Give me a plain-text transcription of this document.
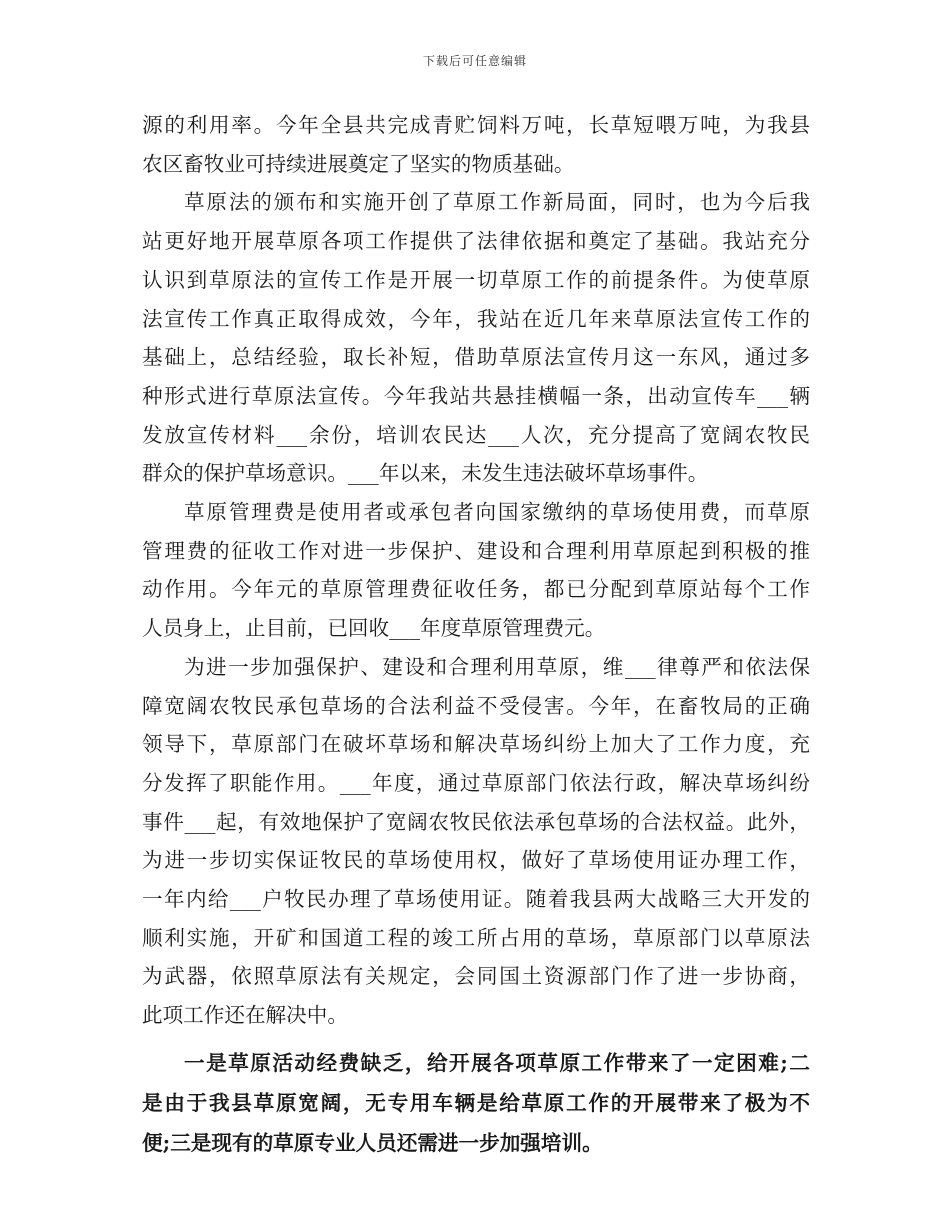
下载后可任意编辑
源的利用率。今年全县共完成青贮饲料万吨，长草短喂万吨，为我县
农区畜牧业可持续进展奠定了坚实的物质基础。
草原法的颁布和实施开创了草原工作新局面，同时，也为今后我
站更好地开展草原各项工作提供了法律依据和奠定了基础。我站充分
认识到草原法的宣传工作是开展一切草原工作的前提条件。为使草原
法宣传工作真正取得成效，今年，我站在近几年来草原法宣传工作的
基础上，总结经验，取长补短，借助草原法宣传月这一东风，通过多
种形式进行草原法宣传。今年我站共悬挂横幅一条，出动宣传车___辆
发放宣传材料___余份，培训农民达___人次，充分提高了宽阔农牧民
群众的保护草场意识。___年以来，未发生违法破坏草场事件。
草原管理费是使用者或承包者向国家缴纳的草场使用费，而草原
管理费的征收工作对进一步保护、建设和合理利用草原起到积极的推
动作用。今年元的草原管理费征收任务，都已分配到草原站每个工作
人员身上，止目前，已回收___年度草原管理费元。
为进一步加强保护、建设和合理利用草原，维___律尊严和依法保
障宽阔农牧民承包草场的合法利益不受侵害。今年，在畜牧局的正确
领导下，草原部门在破坏草场和解决草场纠纷上加大了工作力度，充
分发挥了职能作用。___年度，通过草原部门依法行政，解决草场纠纷
事件___起，有效地保护了宽阔农牧民依法承包草场的合法权益。此外，
为进一步切实保证牧民的草场使用权，做好了草场使用证办理工作，
一年内给___户牧民办理了草场使用证。随着我县两大战略三大开发的
顺利实施，开矿和国道工程的竣工所占用的草场，草原部门以草原法
为武器，依照草原法有关规定，会同国土资源部门作了进一步协商，
此项工作还在解决中。
一是草原活动经费缺乏，给开展各项草原工作带来了一定困难;二
是由于我县草原宽阔，无专用车辆是给草原工作的开展带来了极为不
便;三是现有的草原专业人员还需进一步加强培训。
